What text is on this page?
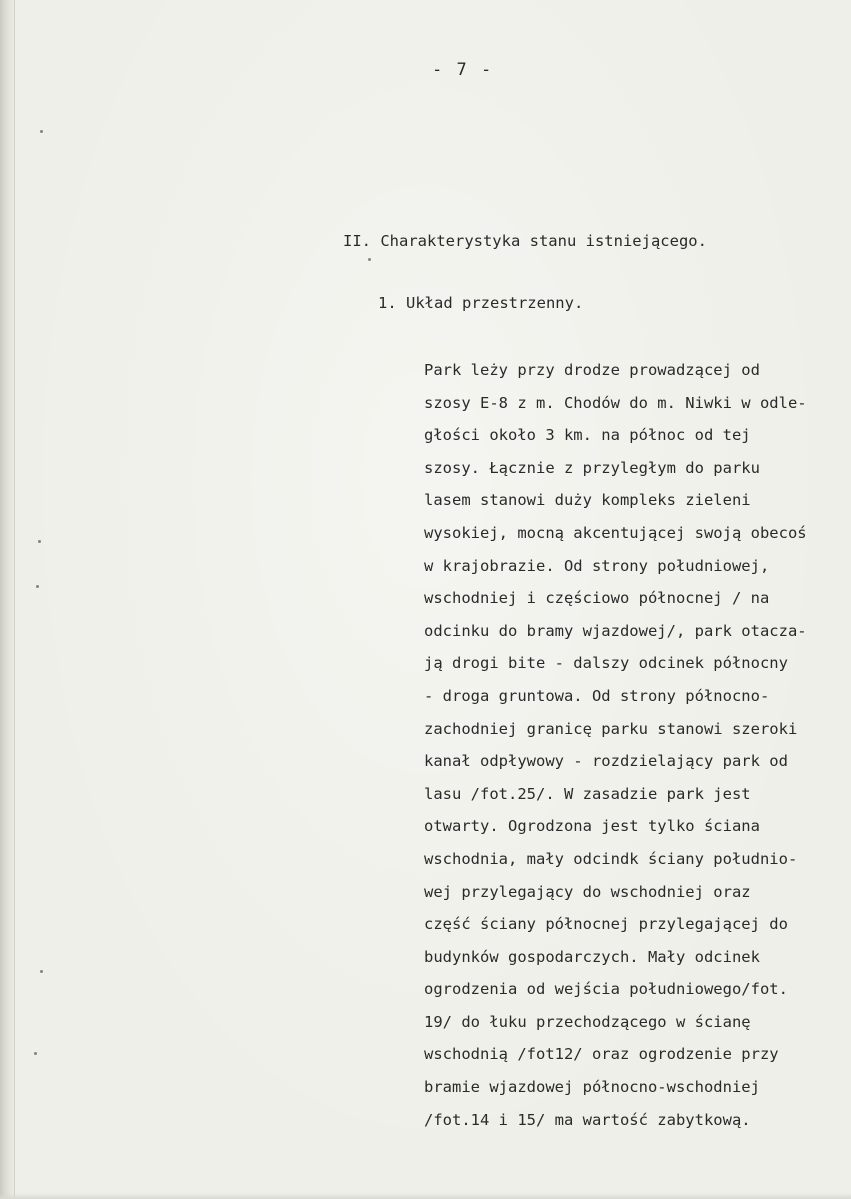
- 7 -
II. Charakterystyka stanu istniejącego.
1. Układ przestrzenny.
Park leży przy drodze prowadzącej od
szosy E-8 z m. Chodów do m. Niwki w odle-
głości około 3 km. na północ od tej
szosy. Łącznie z przyległym do parku
lasem stanowi duży kompleks zieleni
wysokiej, mocną akcentującej swoją obecoś
w krajobrazie. Od strony południowej,
wschodniej i częściowo północnej / na
odcinku do bramy wjazdowej/, park otacza-
ją drogi bite - dalszy odcinek północny
- droga gruntowa. Od strony północno-
zachodniej granicę parku stanowi szeroki
kanał odpływowy - rozdzielający park od
lasu /fot.25/. W zasadzie park jest
otwarty. Ogrodzona jest tylko ściana
wschodnia, mały odcindk ściany południo-
wej przylegający do wschodniej oraz
część ściany północnej przylegającej do
budynków gospodarczych. Mały odcinek
ogrodzenia od wejścia południowego/fot.
19/ do łuku przechodzącego w ścianę
wschodnią /fot12/ oraz ogrodzenie przy
bramie wjazdowej północno-wschodniej
/fot.14 i 15/ ma wartość zabytkową.
